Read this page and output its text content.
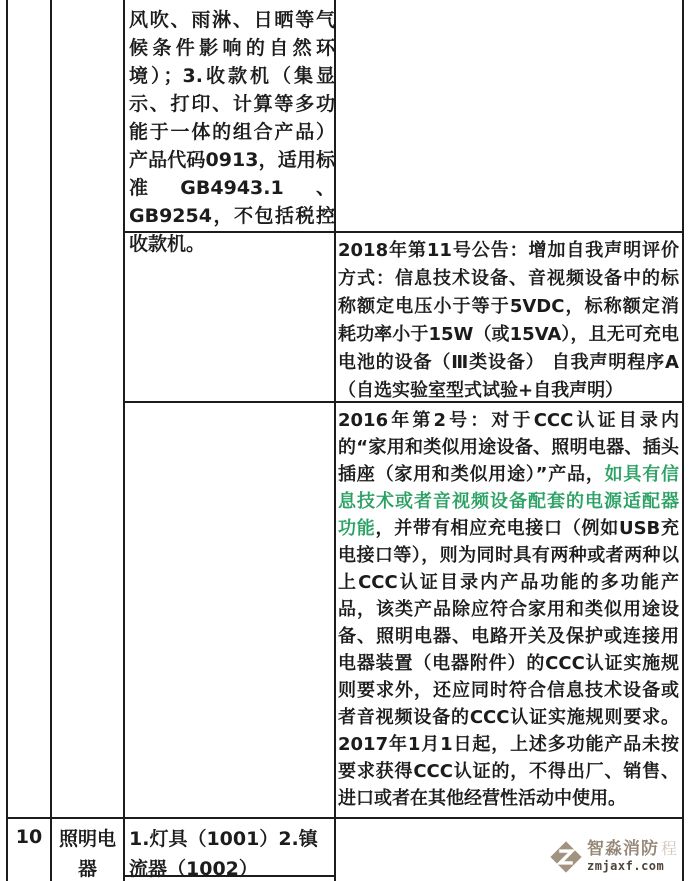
风吹、雨淋、日晒等气候条件影响的自然环境）；3.收款机（集显示、打印、计算等多功能于一体的组合产品）产品代码0913，适用标准GB4943.1、GB9254，不包括税控收款机。	2018年第11号公告：增加自我声明评价方式：信息技术设备、音视频设备中的标称额定电压小于等于5VDC，标称额定消耗功率小于15W（或15VA），且无可充电电池的设备（Ⅲ类设备） 自我声明程序A （自选实验室型式试验+自我声明）
2016年第2号：对于CCC认证目录内的“家用和类似用途设备、照明电器、插头插座（家用和类似用途）”产品，如具有信息技术或者音视频设备配套的电源适配器功能，并带有相应充电接口（例如USB充电接口等），则为同时具有两种或者两种以上CCC认证目录内产品功能的多功能产品，该类产品除应符合家用和类似用途设备、照明电器、电路开关及保护或连接用电器装置（电器附件）的CCC认证实施规则要求外，还应同时符合信息技术设备或者音视频设备的CCC认证实施规则要求。2017年1月1日起，上述多功能产品未按要求获得CCC认证的，不得出厂、销售、进口或者在其他经营性活动中使用。
10 照明电器
1.灯具（1001）2.镇流器（1002）
智淼消防 程
zmjaxf.com
